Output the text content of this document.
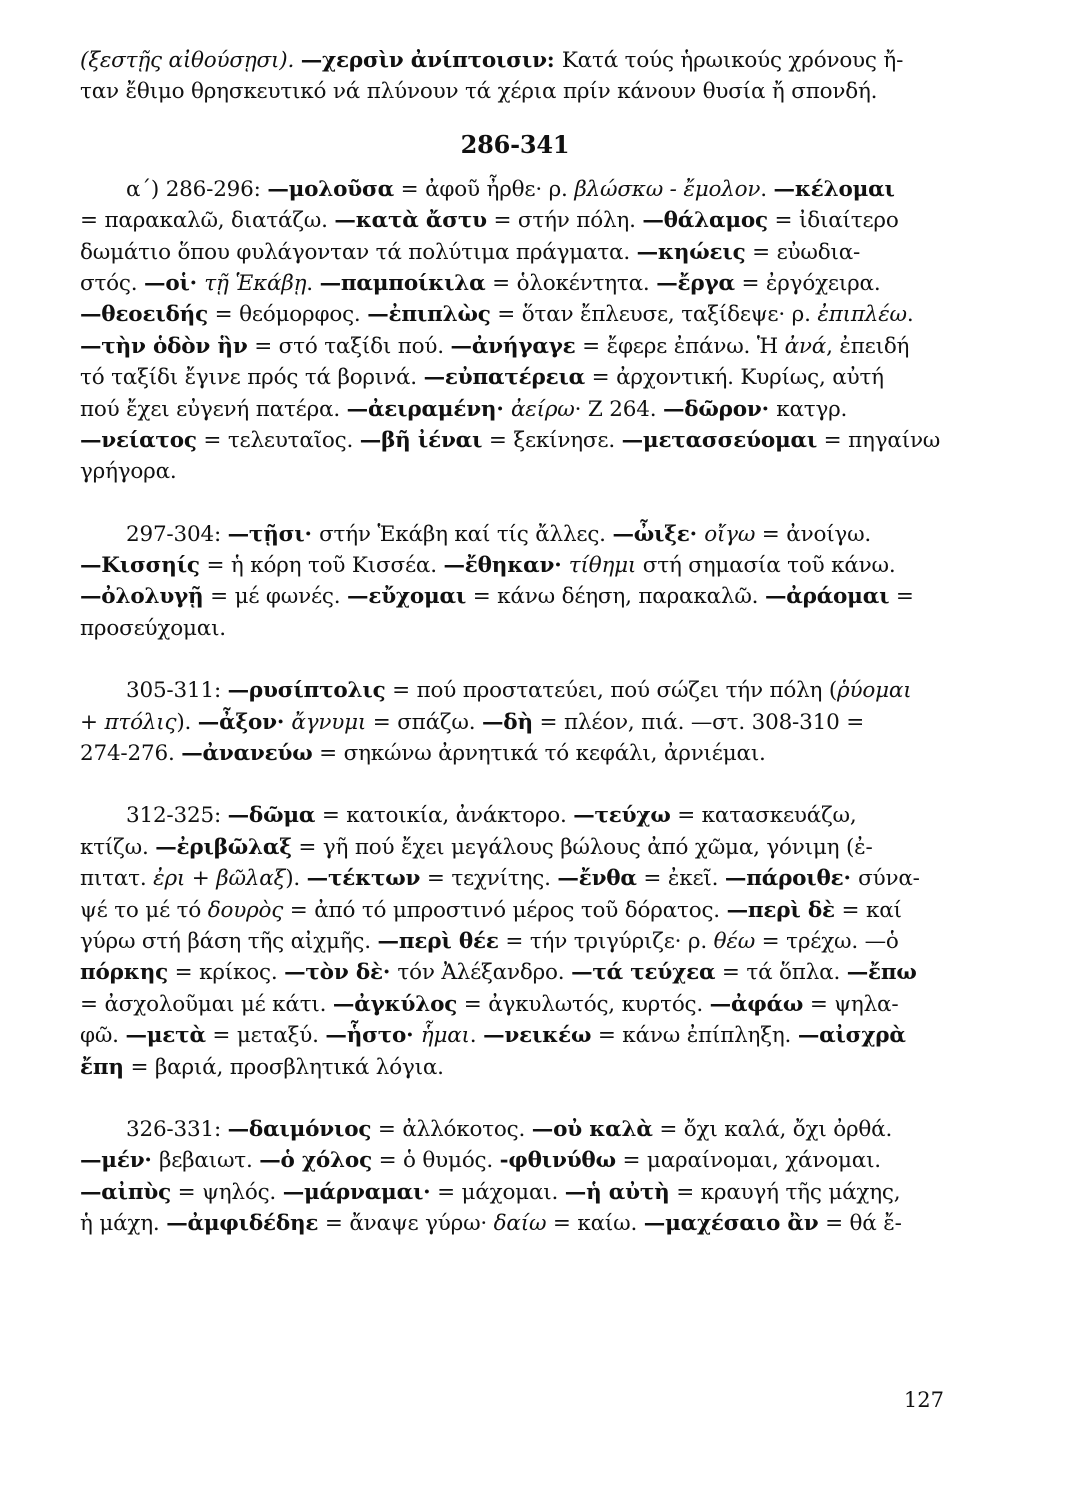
(ξεστῇς αἰθούσῃσι). —χερσὶν ἀνίπτοισιν: Κατά τούς ἡρωικούς χρόνους ἤ-
ταν ἔθιμο θρησκευτικό νά πλύνουν τά χέρια πρίν κάνουν θυσία ἤ σπονδή.
286-341
α΄) 286-296: —μολοῦσα = ἀφοῦ ἦρθε· ρ. βλώσκω - ἔμολον. —κέλομαι
= παρακαλῶ, διατάζω. —κατὰ ἄστυ = στήν πόλη. —θάλαμος = ἰδιαίτερο
δωμάτιο ὅπου φυλάγονταν τά πολύτιμα πράγματα. —κηώεις = εὐωδια-
στός. —οἱ· τῇ Ἑκάβῃ. —παμποίκιλα = ὁλοκέντητα. —ἔργα = ἐργόχειρα.
—θεοειδής = θεόμορφος. —ἐπιπλὼς = ὅταν ἔπλευσε, ταξίδεψε· ρ. ἐπιπλέω.
—τὴν ὁδὸν ἣν = στό ταξίδι πού. —ἀνήγαγε = ἔφερε ἐπάνω. Ἡ ἀνά, ἐπειδή
τό ταξίδι ἔγινε πρός τά βορινά. —εὐπατέρεια = ἀρχοντική. Κυρίως, αὐτή
πού ἔχει εὐγενή πατέρα. —ἀειραμένη· ἀείρω· Ζ 264. —δῶρον· κατγρ.
—νείατος = τελευταῖος. —βῆ ἰέναι = ξεκίνησε. —μετασσεύομαι = πηγαίνω
γρήγορα.
297-304: —τῇσι· στήν Ἑκάβη καί τίς ἄλλες. —ὦιξε· οἴγω = ἀνοίγω.
—Κισσηίς = ἡ κόρη τοῦ Κισσέα. —ἔθηκαν· τίθημι στή σημασία τοῦ κάνω.
—ὀλολυγῇ = μέ φωνές. —εὔχομαι = κάνω δέηση, παρακαλῶ. —ἀράομαι =
προσεύχομαι.
305-311: —ρυσίπτολις = πού προστατεύει, πού σώζει τήν πόλη (ῥύομαι
+ πτόλις). —ἆξον· ἄγνυμι = σπάζω. —δὴ = πλέον, πιά. —στ. 308-310 =
274-276. —ἀνανεύω = σηκώνω ἀρνητικά τό κεφάλι, ἀρνιέμαι.
312-325: —δῶμα = κατοικία, ἀνάκτορο. —τεύχω = κατασκευάζω,
κτίζω. —ἐριβῶλαξ = γῆ πού ἔχει μεγάλους βώλους ἀπό χῶμα, γόνιμη (ἐ-
πιτατ. ἐρι + βῶλαξ). —τέκτων = τεχνίτης. —ἔνθα = ἐκεῖ. —πάροιθε· σύνα-
ψέ το μέ τό δουρὸς = ἀπό τό μπροστινό μέρος τοῦ δόρατος. —περὶ δὲ = καί
γύρω στή βάση τῆς αἰχμῆς. —περὶ θέε = τήν τριγύριζε· ρ. θέω = τρέχω. —ὁ
πόρκης = κρίκος. —τὸν δὲ· τόν Ἀλέξανδρο. —τά τεύχεα = τά ὅπλα. —ἔπω
= ἀσχολοῦμαι μέ κάτι. —ἀγκύλος = ἀγκυλωτός, κυρτός. —ἀφάω = ψηλα-
φῶ. —μετὰ = μεταξύ. —ἧστο· ἧμαι. —νεικέω = κάνω ἐπίπληξη. —αἰσχρὰ
ἔπη = βαριά, προσβλητικά λόγια.
326-331: —δαιμόνιος = ἀλλόκοτος. —οὐ καλὰ = ὄχι καλά, ὄχι ὀρθά.
—μέν· βεβαιωτ. —ὁ χόλος = ὁ θυμός. -φθινύθω = μαραίνομαι, χάνομαι.
—αἰπὺς = ψηλός. —μάρναμαι· = μάχομαι. —ἡ αὐτὴ = κραυγή τῆς μάχης,
ἡ μάχη. —ἀμφιδέδηε = ἄναψε γύρω· δαίω = καίω. —μαχέσαιο ἂν = θά ἔ-
127
